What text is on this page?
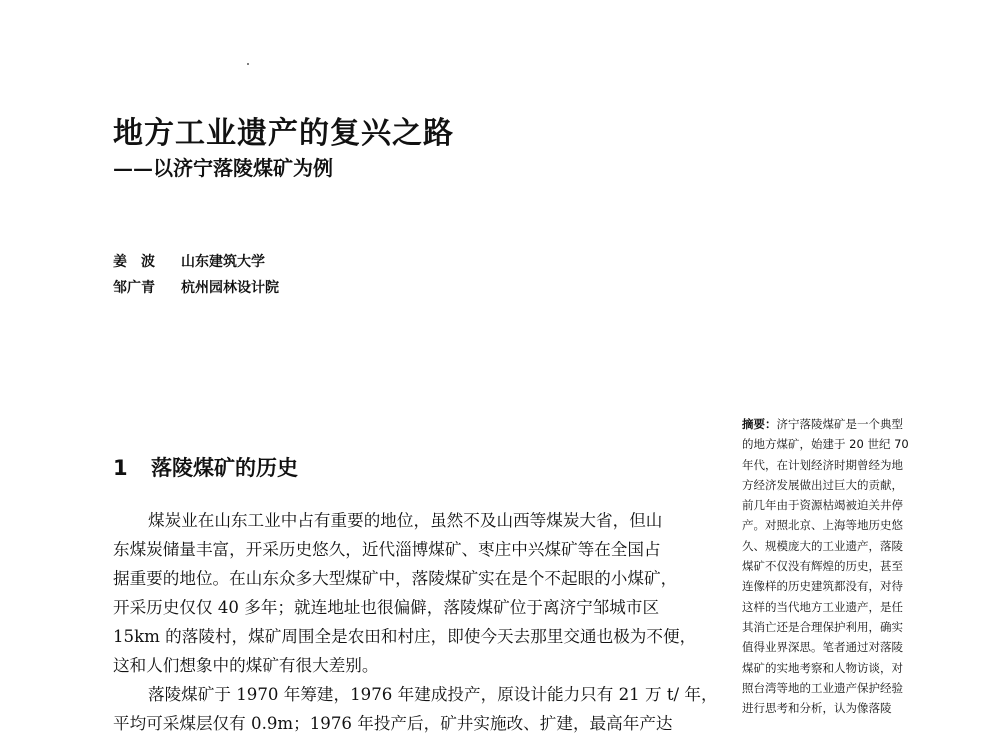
地方工业遗产的复兴之路
——以济宁落陵煤矿为例
姜　波 山东建筑大学
邹广青 杭州园林设计院
1 落陵煤矿的历史
煤炭业在山东工业中占有重要的地位，虽然不及山西等煤炭大省，但山
东煤炭储量丰富，开采历史悠久，近代淄博煤矿、枣庄中兴煤矿等在全国占
据重要的地位。在山东众多大型煤矿中，落陵煤矿实在是个不起眼的小煤矿，
开采历史仅仅 40 多年；就连地址也很偏僻，落陵煤矿位于离济宁邹城市区
15km 的落陵村，煤矿周围全是农田和村庄，即使今天去那里交通也极为不便，
这和人们想象中的煤矿有很大差别。
落陵煤矿于 1970 年筹建，1976 年建成投产，原设计能力只有 21 万 t/ 年，
平均可采煤层仅有 0.9m；1976 年投产后，矿井实施改、扩建，最高年产达
摘要：济宁落陵煤矿是一个典型
的地方煤矿，始建于 20 世纪 70
年代，在计划经济时期曾经为地
方经济发展做出过巨大的贡献，
前几年由于资源枯竭被迫关井停
产。对照北京、上海等地历史悠
久、规模庞大的工业遗产，落陵
煤矿不仅没有辉煌的历史，甚至
连像样的历史建筑都没有，对待
这样的当代地方工业遗产，是任
其消亡还是合理保护利用，确实
值得业界深思。笔者通过对落陵
煤矿的实地考察和人物访谈，对
照台湾等地的工业遗产保护经验
进行思考和分析，认为像落陵
